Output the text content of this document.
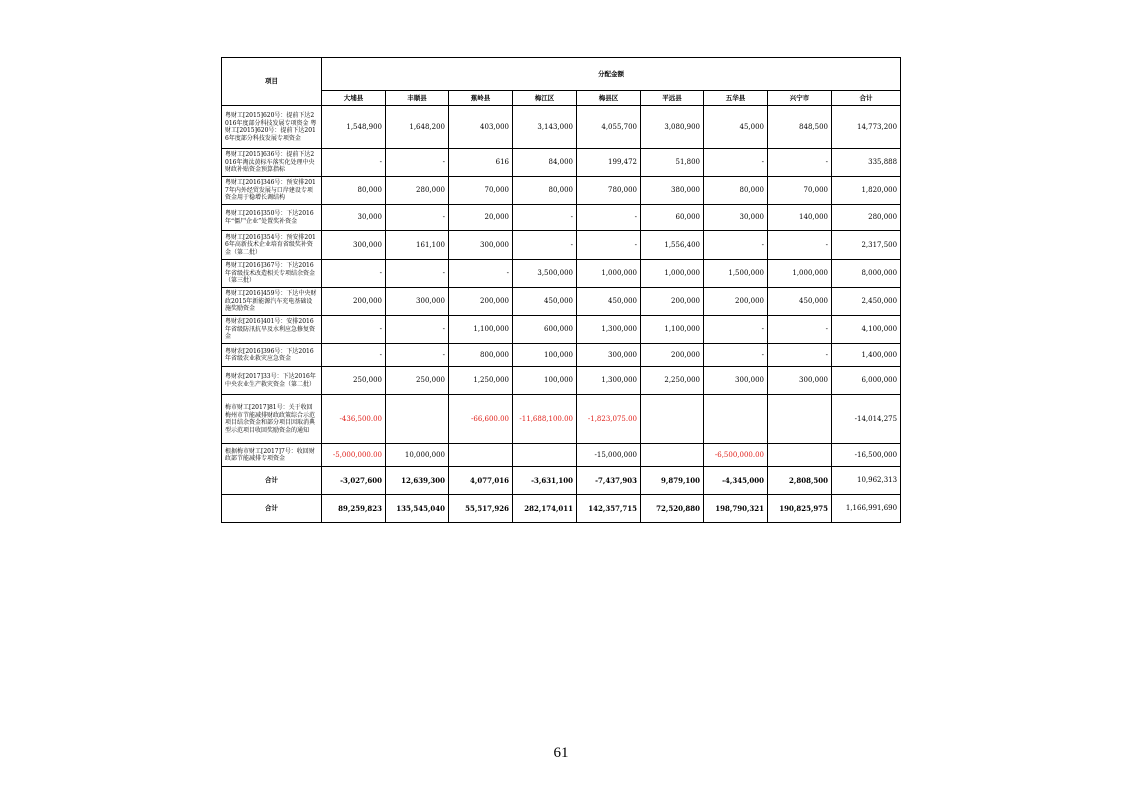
项目	分配金额								
	大埔县	丰顺县	蕉岭县	梅江区	梅县区	平远县	五华县	兴宁市	合计
粤财工[2015]620号：提前下达2016年度部分科技发展专项资金 粤财工[2015]620号：提前下达2016年度部分科技发展专项资金	1,548,900	1,648,200	403,000	3,143,000	4,055,700	3,080,900	45,000	848,500	14,773,200
粤财工[2015]636号：提前下达2016年淘汰黄标车落实化处理中央财政补贴资金预算指标	-	-	616	84,000	199,472	51,800	-	-	335,888
粤财工[2016]346号：预安排2017年内外经贸发展与口岸建设专项资金用于稳增长调结构	80,000	280,000	70,000	80,000	780,000	380,000	80,000	70,000	1,820,000
粤财工[2016]350号：下达2016年“僵尸企业”处置奖补资金	30,000	-	20,000	-	-	60,000	30,000	140,000	280,000
粤财工[2016]354号：预安排2016年高新技术企业培育省级奖补资金（第二批）	300,000	161,100	300,000	-	-	1,556,400	-	-	2,317,500
粤财工[2016]367号：下达2016年省级技术改造相关专项结余资金（第三批）	-	-	-	3,500,000	1,000,000	1,000,000	1,500,000	1,000,000	8,000,000
粤财工[2016]459号：下达中央财政2015年新能源汽车充电基础设施奖励资金	200,000	300,000	200,000	450,000	450,000	200,000	200,000	450,000	2,450,000
粤财农[2016]401号：安排2016年省级防汛抗旱及水利应急修复资金	-	-	1,100,000	600,000	1,300,000	1,100,000	-	-	4,100,000
粤财农[2016]396号：下达2016年省级农业救灾应急资金	-	-	800,000	100,000	300,000	200,000	-	-	1,400,000
粤财农[2017]33号：下达2016年中央农业生产救灾资金（第二批）	250,000	250,000	1,250,000	100,000	1,300,000	2,250,000	300,000	300,000	6,000,000
梅市财工[2017]81号：关于收回梅州市节能减排财政政策综合示范项目结余资金和部分项目因取消典型示范项目收回奖励资金的通知	-436,500.00		-66,600.00	-11,688,100.00	-1,823,075.00				-14,014,275
根据梅市财工[2017]7号：收回财政部节能减排专项资金	-5,000,000.00	10,000,000			-15,000,000		-6,500,000.00		-16,500,000
合计	-3,027,600	12,639,300	4,077,016	-3,631,100	-7,437,903	9,879,100	-4,345,000	2,808,500	10,962,313
合计	89,259,823	135,545,040	55,517,926	282,174,011	142,357,715	72,520,880	198,790,321	190,825,975	1,166,991,690
61
